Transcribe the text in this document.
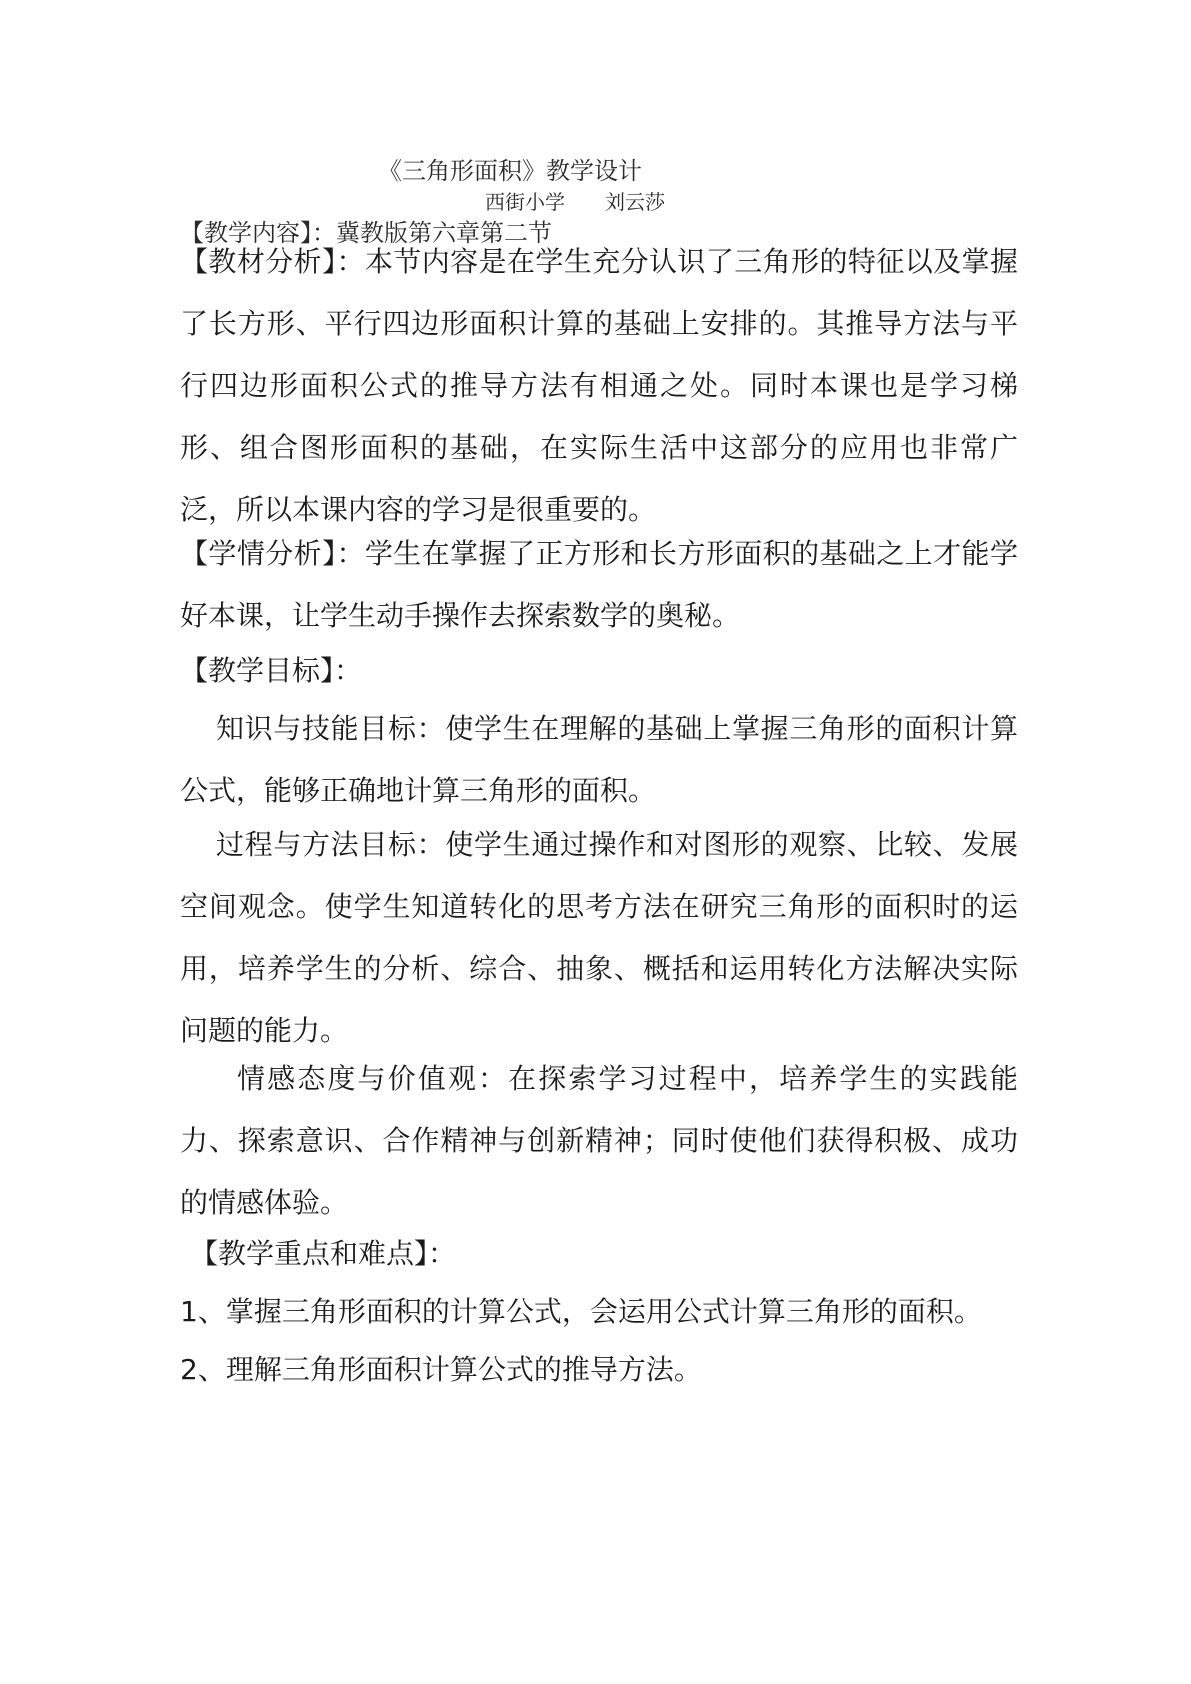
《三角形面积》教学设计
西街小学 刘云莎
【教学内容】：冀教版第六章第二节
【教材分析】：本节内容是在学生充分认识了三角形的特征以及掌握了长方形、平行四边形面积计算的基础上安排的。其推导方法与平行四边形面积公式的推导方法有相通之处。同时本课也是学习梯形、组合图形面积的基础，在实际生活中这部分的应用也非常广泛，所以本课内容的学习是很重要的。
【学情分析】：学生在掌握了正方形和长方形面积的基础之上才能学好本课，让学生动手操作去探索数学的奥秘。
【教学目标】：
知识与技能目标：使学生在理解的基础上掌握三角形的面积计算公式，能够正确地计算三角形的面积。
过程与方法目标：使学生通过操作和对图形的观察、比较、发展空间观念。使学生知道转化的思考方法在研究三角形的面积时的运用，培养学生的分析、综合、抽象、概括和运用转化方法解决实际问题的能力。
情感态度与价值观：在探索学习过程中，培养学生的实践能力、探索意识、合作精神与创新精神；同时使他们获得积极、成功的情感体验。
【教学重点和难点】：
1、掌握三角形面积的计算公式，会运用公式计算三角形的面积。
2、理解三角形面积计算公式的推导方法。
